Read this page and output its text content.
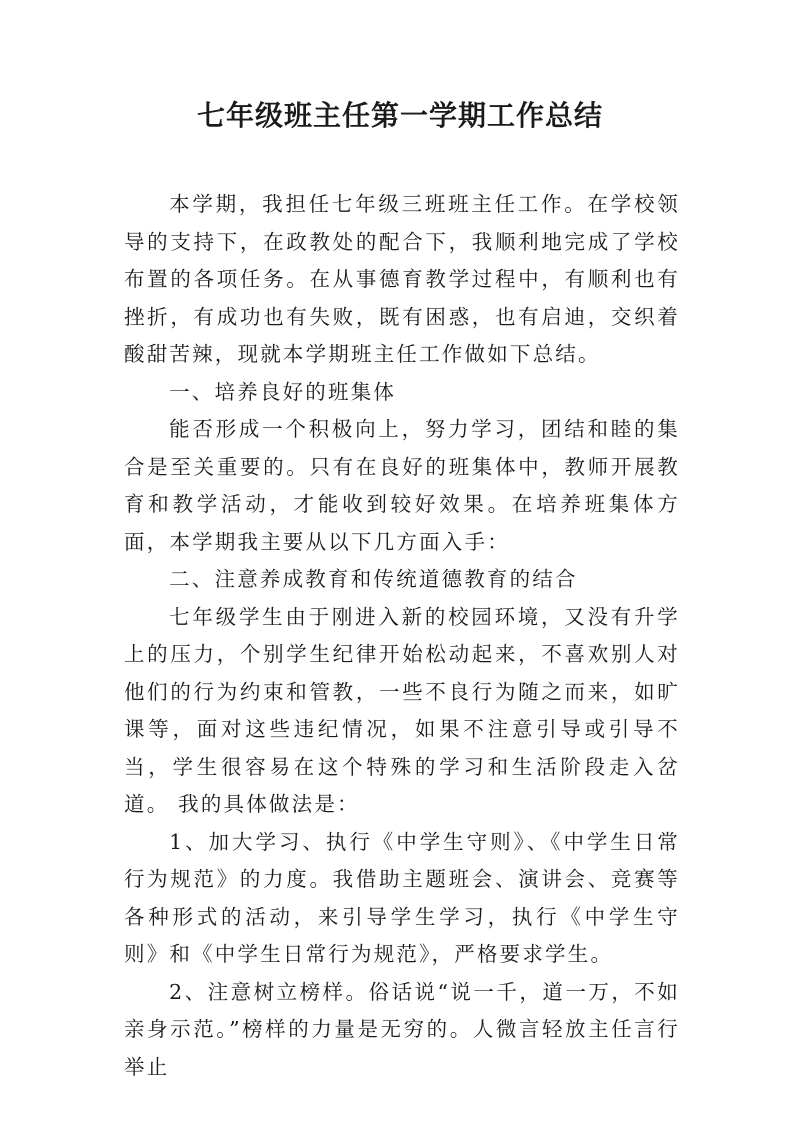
七年级班主任第一学期工作总结

本学期，我担任七年级三班班主任工作。在学校领导的支持下，在政教处的配合下，我顺利地完成了学校布置的各项任务。在从事德育教学过程中，有顺利也有挫折，有成功也有失败，既有困惑，也有启迪，交织着酸甜苦辣，现就本学期班主任工作做如下总结。

一、培养良好的班集体

能否形成一个积极向上，努力学习，团结和睦的集合是至关重要的。只有在良好的班集体中，教师开展教育和教学活动，才能收到较好效果。在培养班集体方面，本学期我主要从以下几方面入手：

二、注意养成教育和传统道德教育的结合

七年级学生由于刚进入新的校园环境，又没有升学上的压力，个别学生纪律开始松动起来，不喜欢别人对他们的行为约束和管教，一些不良行为随之而来，如旷课等，面对这些违纪情况，如果不注意引导或引导不当，学生很容易在这个特殊的学习和生活阶段走入岔道。 我的具体做法是：

1、加大学习、执行《中学生守则》、《中学生日常行为规范》的力度。我借助主题班会、演讲会、竞赛等各种形式的活动，来引导学生学习，执行《中学生守则》和《中学生日常行为规范》，严格要求学生。

2、注意树立榜样。俗话说“说一千，道一万，不如亲身示范。”榜样的力量是无穷的。人微言轻放主任言行举止
